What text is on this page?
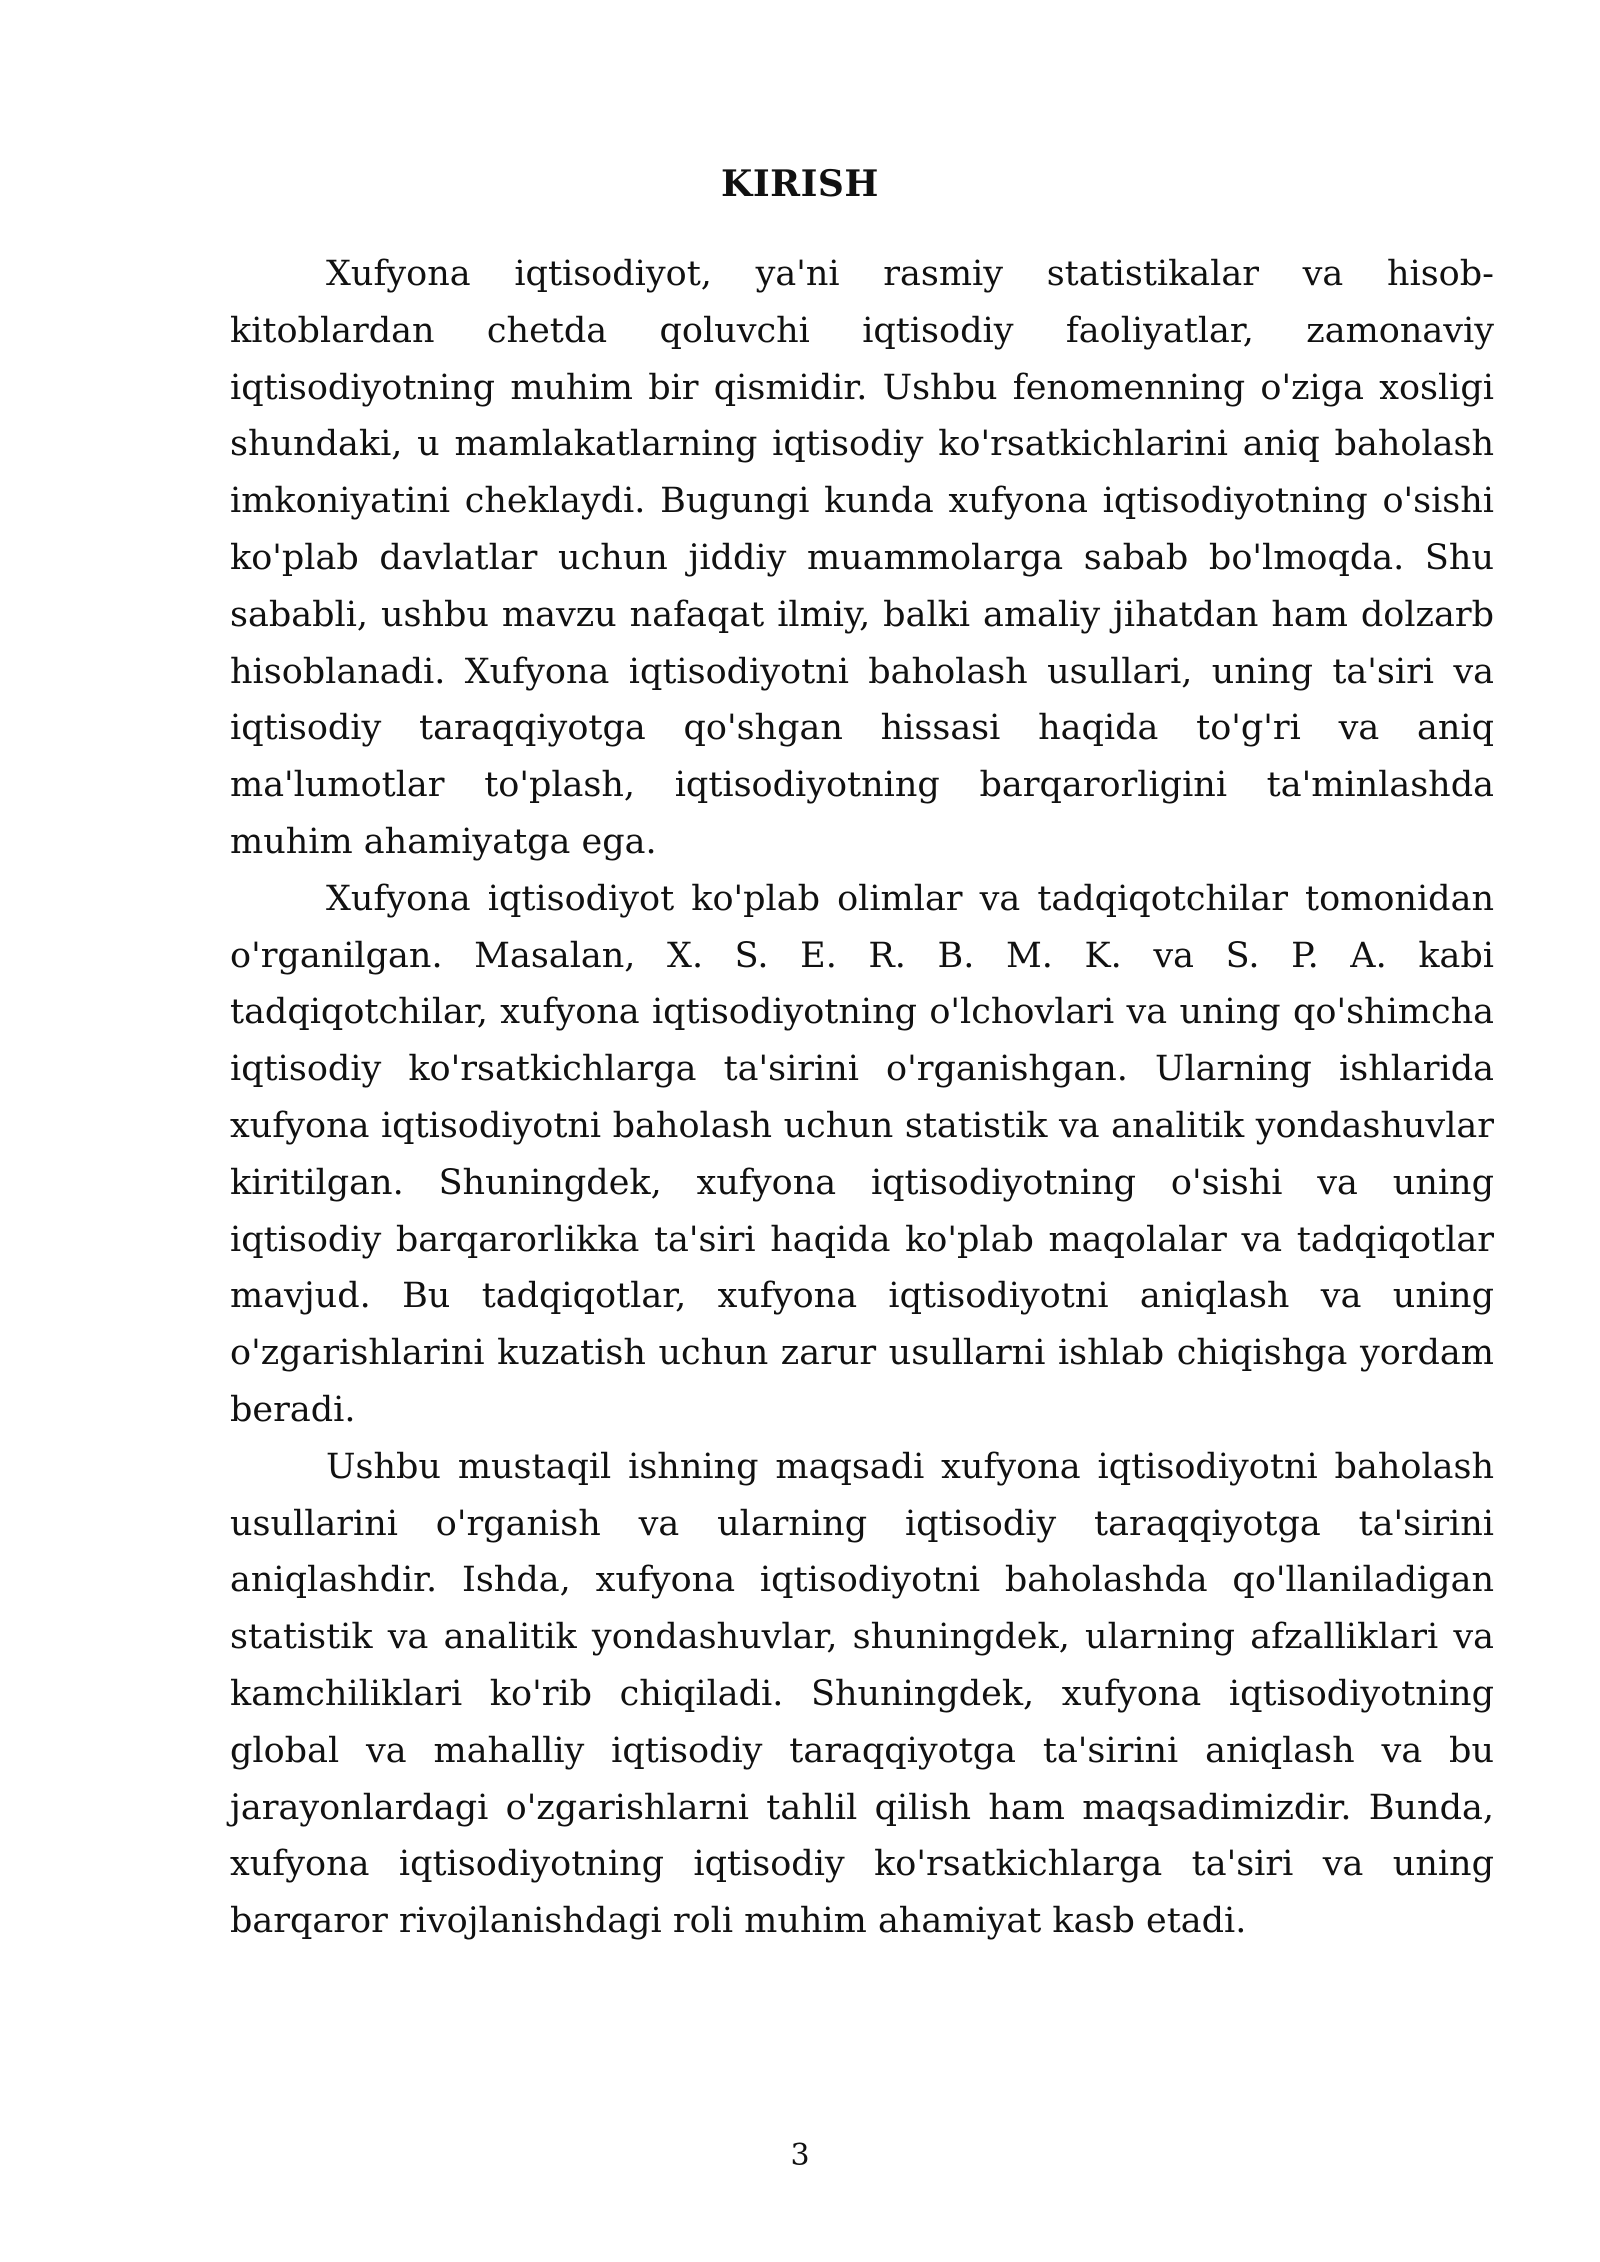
KIRISH

Xufyona iqtisodiyot, ya'ni rasmiy statistikalar va hisob-kitoblardan chetda qoluvchi iqtisodiy faoliyatlar, zamonaviy iqtisodiyotning muhim bir qismidir. Ushbu fenomenning o'ziga xosligi shundaki, u mamlakatlarning iqtisodiy ko'rsatkichlarini aniq baholash imkoniyatini cheklaydi. Bugungi kunda xufyona iqtisodiyotning o'sishi ko'plab davlatlar uchun jiddiy muammolarga sabab bo'lmoqda. Shu sababli, ushbu mavzu nafaqat ilmiy, balki amaliy jihatdan ham dolzarb hisoblanadi. Xufyona iqtisodiyotni baholash usullari, uning ta'siri va iqtisodiy taraqqiyotga qo'shgan hissasi haqida to'g'ri va aniq ma'lumotlar to'plash, iqtisodiyotning barqarorligini ta'minlashda muhim ahamiyatga ega.

Xufyona iqtisodiyot ko'plab olimlar va tadqiqotchilar tomonidan o'rganilgan. Masalan, X. S. E. R. B. M. K. va S. P. A. kabi tadqiqotchilar, xufyona iqtisodiyotning o'lchovlari va uning qo'shimcha iqtisodiy ko'rsatkichlarga ta'sirini o'rganishgan. Ularning ishlarida xufyona iqtisodiyotni baholash uchun statistik va analitik yondashuvlar kiritilgan. Shuningdek, xufyona iqtisodiyotning o'sishi va uning iqtisodiy barqarorlikka ta'siri haqida ko'plab maqolalar va tadqiqotlar mavjud. Bu tadqiqotlar, xufyona iqtisodiyotni aniqlash va uning o'zgarishlarini kuzatish uchun zarur usullarni ishlab chiqishga yordam beradi.

Ushbu mustaqil ishning maqsadi xufyona iqtisodiyotni baholash usullarini o'rganish va ularning iqtisodiy taraqqiyotga ta'sirini aniqlashdir. Ishda, xufyona iqtisodiyotni baholashda qo'llaniladigan statistik va analitik yondashuvlar, shuningdek, ularning afzalliklari va kamchiliklari ko'rib chiqiladi. Shuningdek, xufyona iqtisodiyotning global va mahalliy iqtisodiy taraqqiyotga ta'sirini aniqlash va bu jarayonlardagi o'zgarishlarni tahlil qilish ham maqsadimizdir. Bunda, xufyona iqtisodiyotning iqtisodiy ko'rsatkichlarga ta'siri va uning barqaror rivojlanishdagi roli muhim ahamiyat kasb etadi.

3
